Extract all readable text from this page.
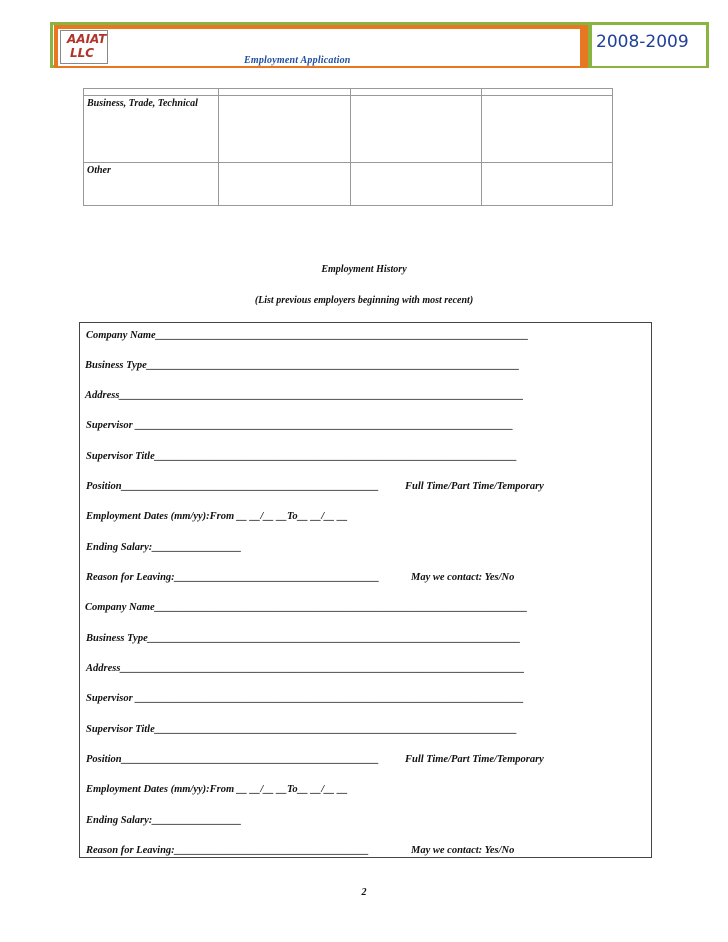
AAIAT
LLC
Employment Application
2008-2009

Business, Trade, Technical			
Other			
Employment History
(List previous employers beginning with most recent)
Company Name_______________________________________________________________________
Business Type_______________________________________________________________________
Address_____________________________________________________________________________
Supervisor ________________________________________________________________________
Supervisor Title_____________________________________________________________________
Position_________________________________________________ Full Time/Part Time/Temporary
Employment Dates (mm/yy):From __ __/__ __To__ __/__ __
Ending Salary:_________________
Reason for Leaving:_______________________________________	May we contact: Yes/No
Company Name_______________________________________________________________________
Business Type_______________________________________________________________________
Address_____________________________________________________________________________
Supervisor __________________________________________________________________________
Supervisor Title_____________________________________________________________________
Position_________________________________________________ Full Time/Part Time/Temporary
Employment Dates (mm/yy):From __ __/__ __To__ __/__ __
Ending Salary:_________________
Reason for Leaving:_____________________________________	May we contact: Yes/No
2
